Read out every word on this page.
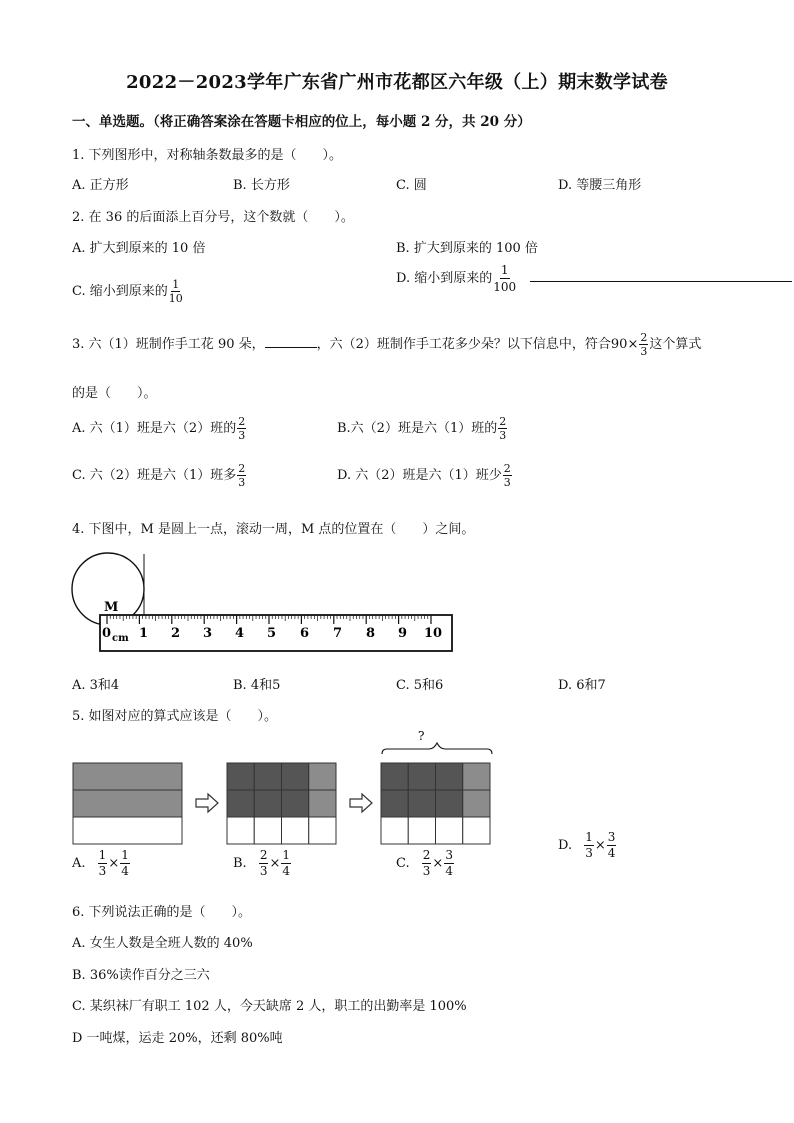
2022－2023学年广东省广州市花都区六年级（上）期末数学试卷
一、单选题。（将正确答案涂在答题卡相应的位上，每小题 2 分，共 20 分）
1. 下列图形中，对称轴条数最多的是（　　）。
A. 正方形	B. 长方形	C. 圆	D. 等腰三角形
2. 在 36 的后面添上百分号，这个数就（　　）。
A. 扩大到原来的 10 倍	B. 扩大到原来的 100 倍
C. 缩小到原来的 $\frac{1}{10}$	D. 缩小到原来的 $\frac{1}{100}$
3. 六（1）班制作手工花 90 朵，	，六（2）班制作手工花多少朵？以下信息中，符合$90\times \frac{2}{3}$ 这个算式
的是（　　）。
A. 六（1）班是六（2）班的 $\frac{2}{3}$	B.六（2）班是六（1）班的 $\frac{2}{3}$
C. 六（2）班是六（1）班多 $\frac{2}{3}$	D. 六（2）班是六（1）班少 $\frac{2}{3}$
4. 下图中，M 是圆上一点，滚动一周，M 点的位置在（　　）之间。
M
0 cm 1 2 3 4 5 6 7 8 9 10
A. 3和4	B. 4和5	C. 5和6	D. 6和7
5. 如图对应的算式应该是（　　）。
?
A. $\frac{1}{3} \times \frac{1}{4}$	B. $\frac{2}{3} \times \frac{1}{4}$	C. $\frac{2}{3} \times \frac{3}{4}$
D. $\frac{1}{3} \times \frac{3}{4}$
6. 下列说法正确的是（　　）。
A. 女生人数是全班人数的 40%
B. 36%读作百分之三六
C. 某织袜厂有职工 102 人，今天缺席 2 人，职工的出勤率是 100%
D 一吨煤，运走 20%，还剩 80%吨
